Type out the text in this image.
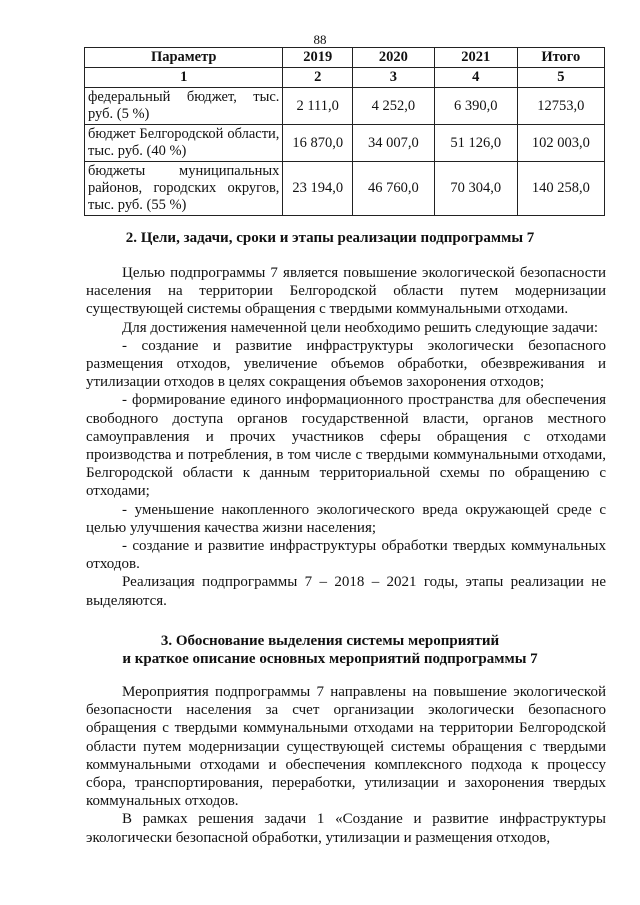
88
Параметр	2019	2020	2021	Итого
1	2	3	4	5
федеральный бюджет, тыс. руб. (5 %)	2 111,0	4 252,0	6 390,0	12753,0
бюджет Белгородской области, тыс. руб. (40 %)	16 870,0	34 007,0	51 126,0	102 003,0
бюджеты муниципальных районов, городских округов, тыс. руб. (55 %)	23 194,0	46 760,0	70 304,0	140 258,0
2. Цели, задачи, сроки и этапы реализации подпрограммы 7

Целью подпрограммы 7 является повышение экологической безопасности населения на территории Белгородской области путем модернизации существующей системы обращения с твердыми коммунальными отходами.

Для достижения намеченной цели необходимо решить следующие задачи:

- создание и развитие инфраструктуры экологически безопасного размещения отходов, увеличение объемов обработки, обезвреживания и утилизации отходов в целях сокращения объемов захоронения отходов;

- формирование единого информационного пространства для обеспечения свободного доступа органов государственной власти, органов местного самоуправления и прочих участников сферы обращения с отходами производства и потребления, в том числе с твердыми коммунальными отходами, Белгородской области к данным территориальной схемы по обращению с отходами;

- уменьшение накопленного экологического вреда окружающей среде с целью улучшения качества жизни населения;

- создание и развитие инфраструктуры обработки твердых коммунальных отходов.

Реализация подпрограммы 7 – 2018 – 2021 годы, этапы реализации не выделяются.

3. Обоснование выделения системы мероприятий
и краткое описание основных мероприятий подпрограммы 7

Мероприятия подпрограммы 7 направлены на повышение экологической безопасности населения за счет организации экологически безопасного обращения с твердыми коммунальными отходами на территории Белгородской области путем модернизации существующей системы обращения с твердыми коммунальными отходами и обеспечения комплексного подхода к процессу сбора, транспортирования, переработки, утилизации и захоронения твердых коммунальных отходов.

В рамках решения задачи 1 «Создание и развитие инфраструктуры экологически безопасной обработки, утилизации и размещения отходов,
